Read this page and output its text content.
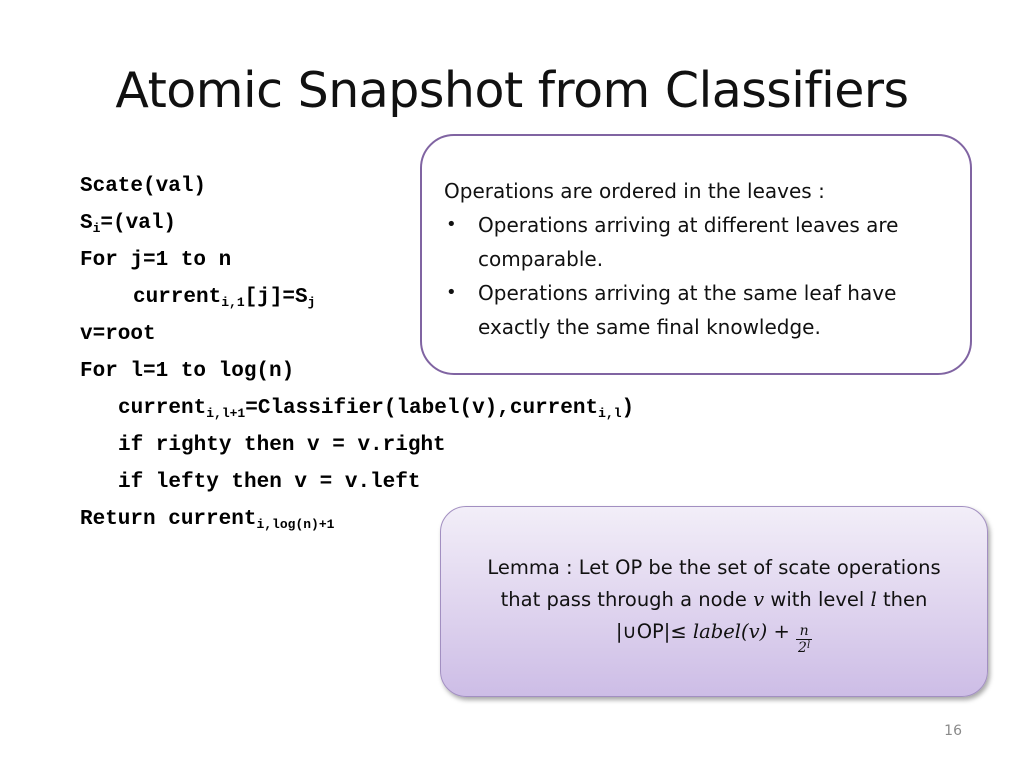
Atomic Snapshot from Classifiers
Scate(val)
$S_i=(val)$
For j=1 to n
$current_{i,1}[j]=S_j$
v=root
For l=1 to log(n)
current$_{i,l+1}$=Classifier(label(v),current$_{i,l}$)
if righty then v = v.right
if lefty then v = v.left
Return current$_{i,log(n)+1}$
Operations are ordered in the leaves :
•	Operations arriving at different leaves are comparable.
•	Operations arriving at the same leaf have exactly the same final knowledge.
Lemma : Let OP be the set of scate operations
that pass through a node v with level l then
|∪OP|≤ label(v) + $\frac{n}{2^l}$
16
